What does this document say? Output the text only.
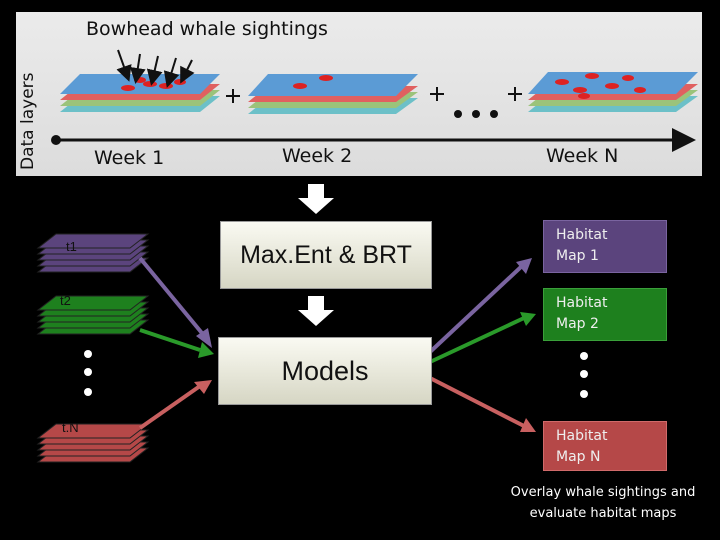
Data layers
Bowhead whale sightings
Week 1	Week 2	Week N
t1
t2
t.N
Max.Ent & BRT
Models
Habitat
Map 1
Habitat
Map 2
Habitat
Map N
Overlay whale sightings and evaluate habitat maps
